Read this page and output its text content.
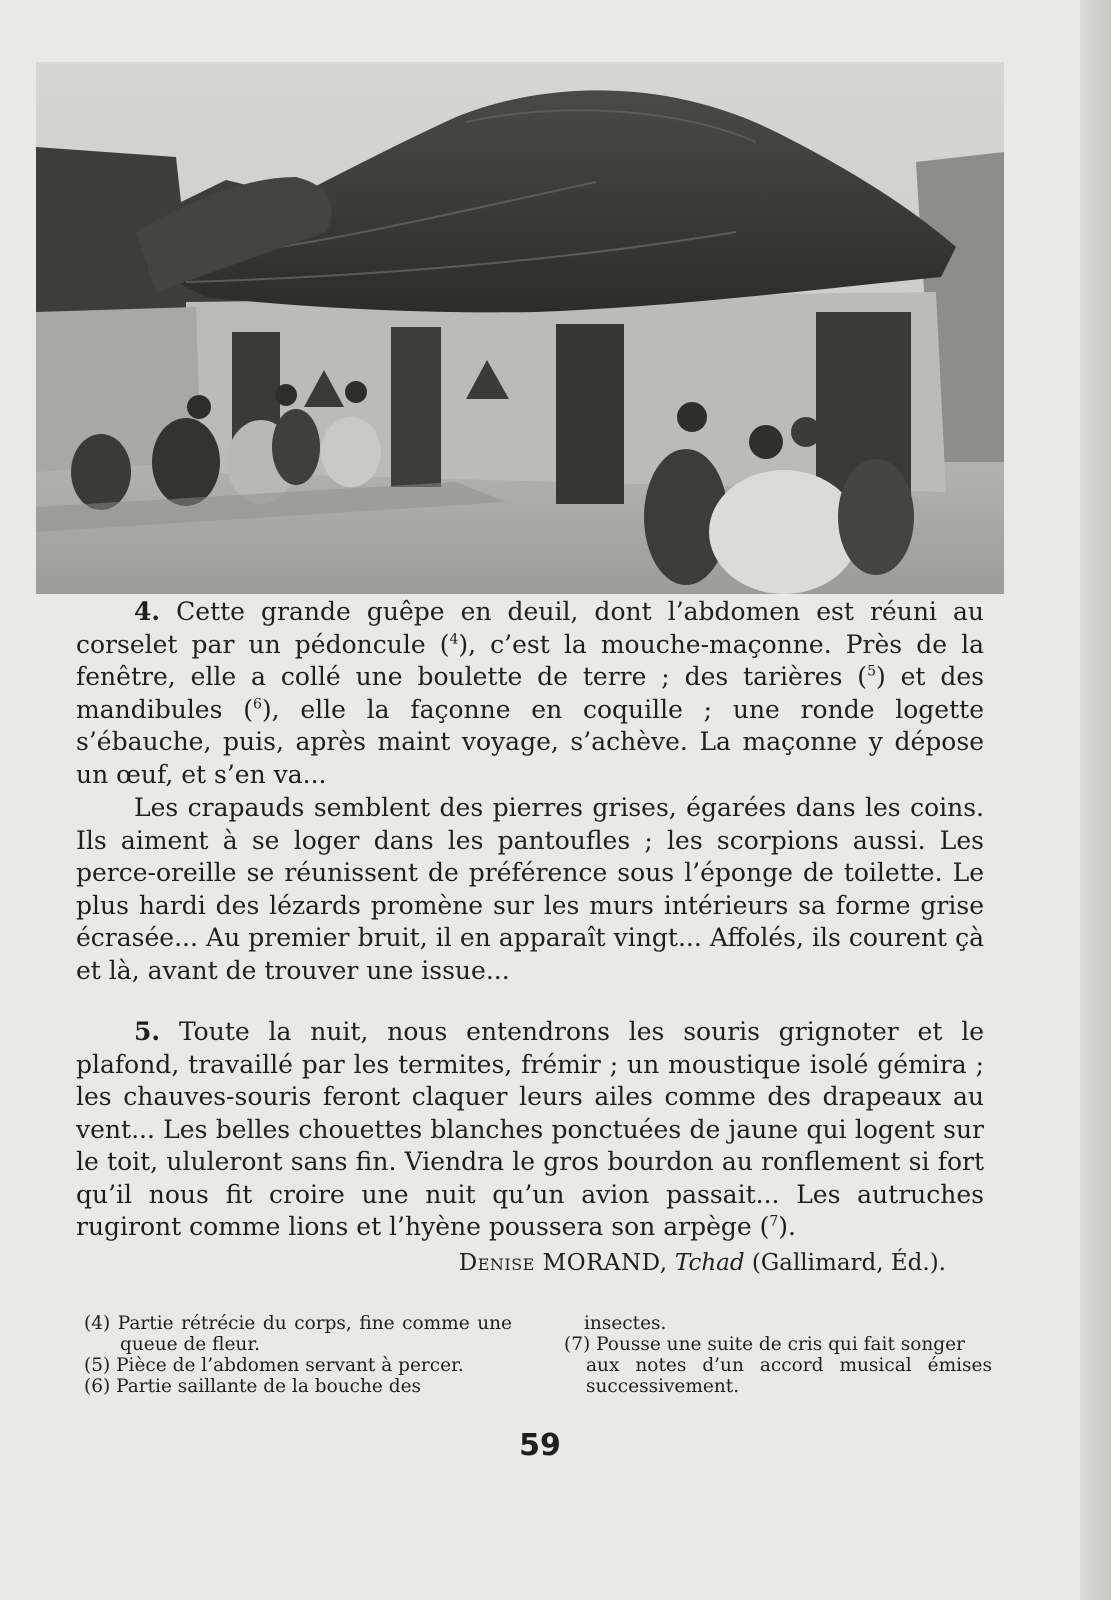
4. Cette grande guêpe en deuil, dont l’abdomen est réuni au corselet par un pédoncule ($^4$), c’est la mouche-maçonne. Près de la fenêtre, elle a collé une boulette de terre ; des tarières ($^5$) et des mandibules ($^6$), elle la façonne en coquille ; une ronde logette s’ébauche, puis, après maint voyage, s’achève. La maçonne y dépose un œuf, et s’en va...

Les crapauds semblent des pierres grises, égarées dans les coins. Ils aiment à se loger dans les pantoufles ; les scorpions aussi. Les perce-oreille se réunissent de préférence sous l’éponge de toilette. Le plus hardi des lézards promène sur les murs intérieurs sa forme grise écrasée... Au premier bruit, il en apparaît vingt... Affolés, ils courent çà et là, avant de trouver une issue...

5. Toute la nuit, nous entendrons les souris grignoter et le plafond, travaillé par les termites, frémir ; un moustique isolé gémira ; les chauves-souris feront claquer leurs ailes comme des drapeaux au vent... Les belles chouettes blanches ponctuées de jaune qui logent sur le toit, ululeront sans fin. Viendra le gros bourdon au ronflement si fort qu’il nous fit croire une nuit qu’un avion passait... Les autruches rugiront comme lions et l’hyène poussera son arpège ($^7$).

Denise MORAND, Tchad (Gallimard, Éd.).

(4) Partie rétrécie du corps, fine comme une queue de fleur.

(5) Pièce de l’abdomen servant à percer.

(6) Partie saillante de la bouche des

insectes.

(7) Pousse une suite de cris qui fait songer

aux notes d’un accord musical émises successivement.

59
